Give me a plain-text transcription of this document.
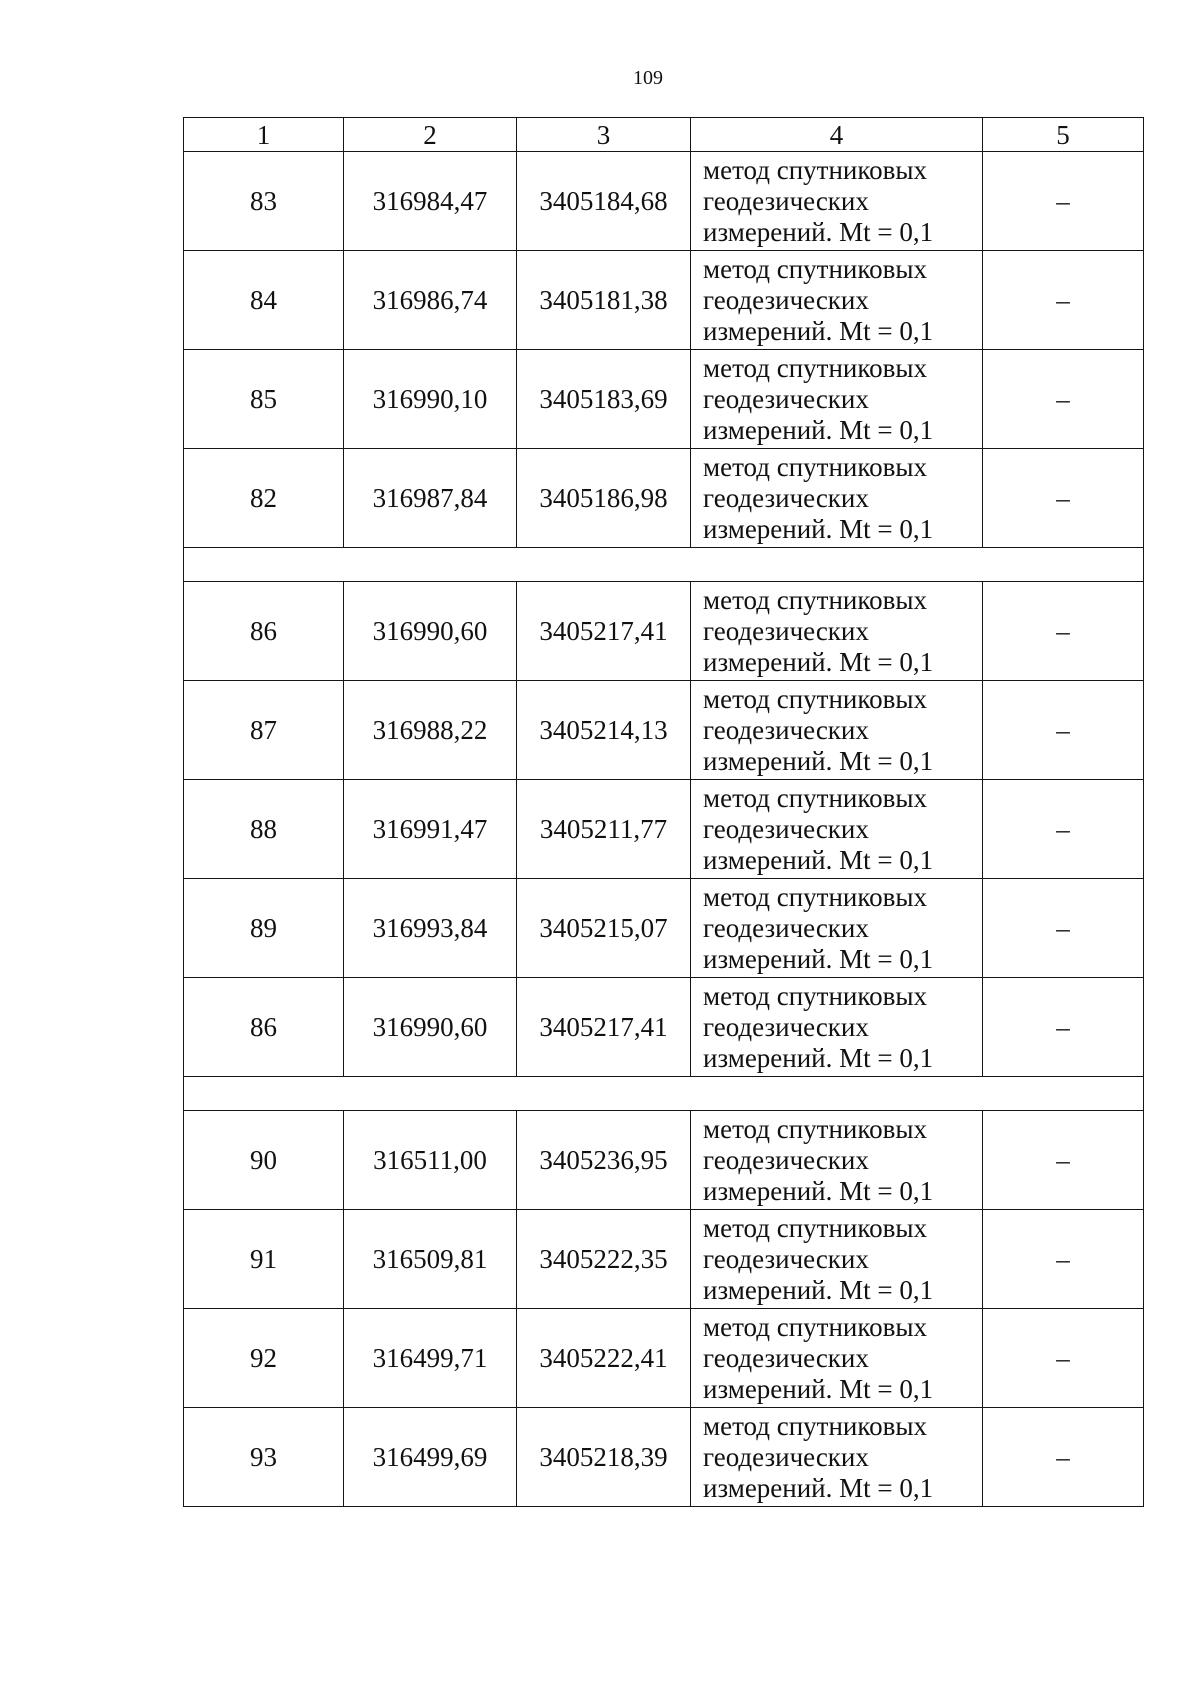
109
1	2	3	4	5
83	316984,47	3405184,68	метод спутниковых
геодезических
измерений. Mt = 0,1	–
84	316986,74	3405181,38	метод спутниковых
геодезических
измерений. Mt = 0,1	–
85	316990,10	3405183,69	метод спутниковых
геодезических
измерений. Mt = 0,1	–
82	316987,84	3405186,98	метод спутниковых
геодезических
измерений. Mt = 0,1	–

86	316990,60	3405217,41	метод спутниковых
геодезических
измерений. Mt = 0,1	–
87	316988,22	3405214,13	метод спутниковых
геодезических
измерений. Mt = 0,1	–
88	316991,47	3405211,77	метод спутниковых
геодезических
измерений. Mt = 0,1	–
89	316993,84	3405215,07	метод спутниковых
геодезических
измерений. Mt = 0,1	–
86	316990,60	3405217,41	метод спутниковых
геодезических
измерений. Mt = 0,1	–

90	316511,00	3405236,95	метод спутниковых
геодезических
измерений. Mt = 0,1	–
91	316509,81	3405222,35	метод спутниковых
геодезических
измерений. Mt = 0,1	–
92	316499,71	3405222,41	метод спутниковых
геодезических
измерений. Mt = 0,1	–
93	316499,69	3405218,39	метод спутниковых
геодезических
измерений. Mt = 0,1	–
